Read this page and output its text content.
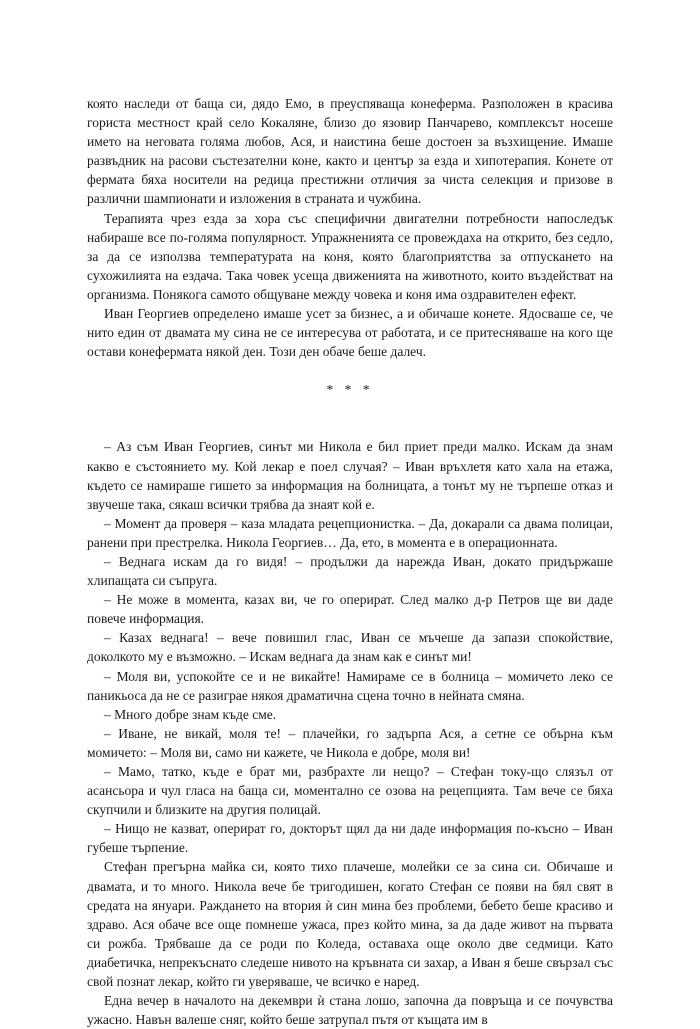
която наследи от баща си, дядо Емо, в преуспяваща конеферма. Разположен в красива гориста местност край село Кокаляне, близо до язовир Панчарево, комплексът носеше името на неговата голяма любов, Ася, и наистина беше достоен за възхищение. Имаше развъдник на расови състезателни коне, както и център за езда и хипотерапия. Конете от фермата бяха носители на редица престижни отличия за чиста селекция и призове в различни шампионати и изложения в страната и чужбина.

Терапията чрез езда за хора със специфични двигателни потребности напоследък набираше все по-голяма популярност. Упражненията се провеждаха на открито, без седло, за да се използва температурата на коня, която благоприятства за отпускането на сухожилията на ездача. Така човек усеща движенията на животното, които въздействат на организма. Понякога самото общуване между човека и коня има оздравителен ефект.

Иван Георгиев определено имаше усет за бизнес, а и обичаше конете. Ядосваше се, че нито един от двамата му сина не се интересува от работата, и се притесняваше на кого ще остави конефермата някой ден. Този ден обаче беше далеч.

* * *

– Аз съм Иван Георгиев, синът ми Никола е бил приет преди малко. Искам да знам какво е състоянието му. Кой лекар е поел случая? – Иван връхлетя като хала на етажа, където се намираше гишето за информация на болницата, а тонът му не търпеше отказ и звучеше така, сякаш всички трябва да знаят кой е.

– Момент да проверя – каза младата рецепционистка. – Да, докарали са двама полицаи, ранени при престрелка. Никола Георгиев… Да, ето, в момента е в операционната.

– Веднага искам да го видя! – продължи да нарежда Иван, докато придържаше хлипащата си съпруга.

– Не може в момента, казах ви, че го оперират. След малко д-р Петров ще ви даде повече информация.

– Казах веднага! – вече повишил глас, Иван се мъчеше да запази спокойствие, доколкото му е възможно. – Искам веднага да знам как е синът ми!

– Моля ви, успокойте се и не викайте! Намираме се в болница – момичето леко се паникьоса да не се разиграе някоя драматична сцена точно в нейната смяна.

– Много добре знам къде сме.

– Иване, не викай, моля те! – плачейки, го задърпа Ася, а сетне се обърна към момичето: – Моля ви, само ни кажете, че Никола е добре, моля ви!

– Мамо, татко, къде е брат ми, разбрахте ли нещо? – Стефан току-що слязъл от асансьора и чул гласа на баща си, моментално се озова на рецепцията. Там вече се бяха скупчили и близките на другия полицай.

– Нищо не казват, оперират го, докторът щял да ни даде информация по-късно – Иван губеше търпение.

Стефан прегърна майка си, която тихо плачеше, молейки се за сина си. Обичаше и двамата, и то много. Никола вече бе тригодишен, когато Стефан се появи на бял свят в средата на януари. Раждането на втория ѝ син мина без проблеми, бебето беше красиво и здраво. Ася обаче все още помнеше ужаса, през който мина, за да даде живот на първата си рожба. Трябваше да се роди по Коледа, оставаха още около две седмици. Като диабетичка, непрекъснато следеше нивото на кръвната си захар, а Иван я беше свързал със свой познат лекар, който ги уверяваше, че всичко е наред.

Една вечер в началото на декември ѝ стана лошо, започна да повръща и се почувства ужасно. Навън валеше сняг, който беше затрупал пътя от къщата им в
